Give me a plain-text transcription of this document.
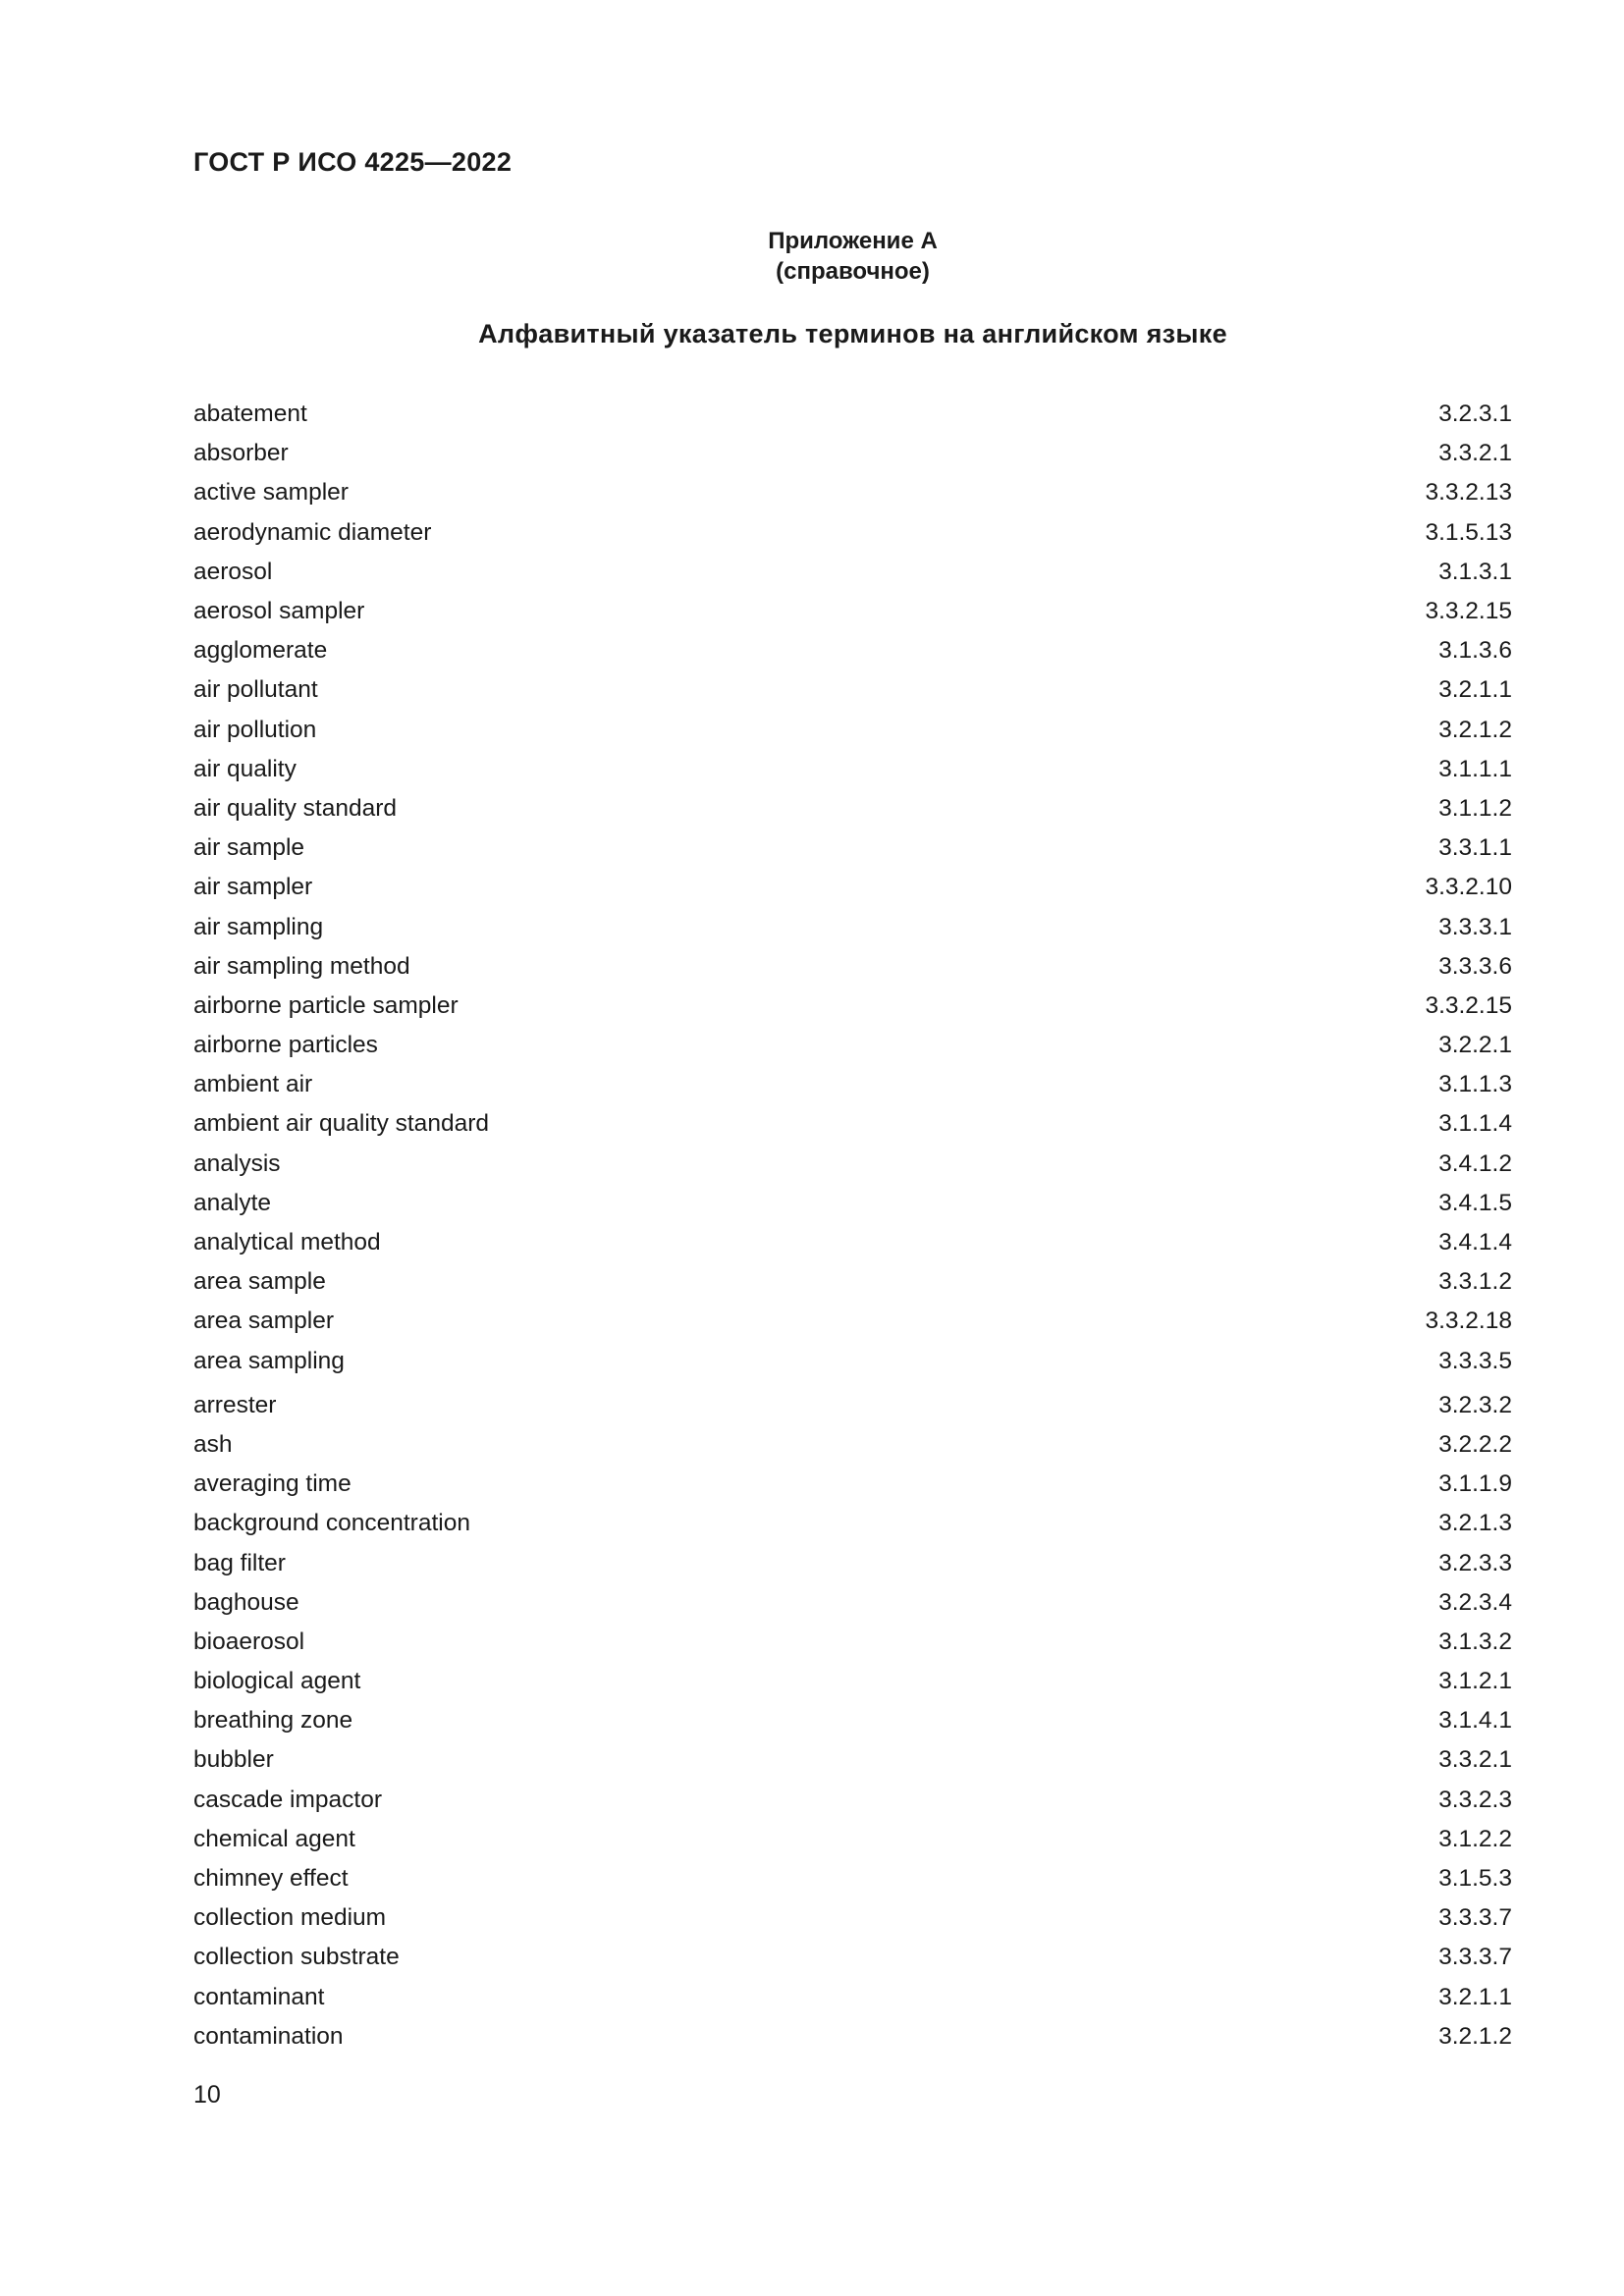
ГОСТ Р ИСО 4225—2022
Приложение А
(справочное)
Алфавитный указатель терминов на английском языке
abatement	3.2.3.1
absorber	3.3.2.1
active sampler	3.3.2.13
aerodynamic diameter	3.1.5.13
aerosol	3.1.3.1
aerosol sampler	3.3.2.15
agglomerate	3.1.3.6
air pollutant	3.2.1.1
air pollution	3.2.1.2
air quality	3.1.1.1
air quality standard	3.1.1.2
air sample	3.3.1.1
air sampler	3.3.2.10
air sampling	3.3.3.1
air sampling method	3.3.3.6
airborne particle sampler	3.3.2.15
airborne particles	3.2.2.1
ambient air	3.1.1.3
ambient air quality standard	3.1.1.4
analysis	3.4.1.2
analyte	3.4.1.5
analytical method	3.4.1.4
area sample	3.3.1.2
area sampler	3.3.2.18
area sampling	3.3.3.5
arrester	3.2.3.2
ash	3.2.2.2
averaging time	3.1.1.9
background concentration	3.2.1.3
bag filter	3.2.3.3
baghouse	3.2.3.4
bioaerosol	3.1.3.2
biological agent	3.1.2.1
breathing zone	3.1.4.1
bubbler	3.3.2.1
cascade impactor	3.3.2.3
chemical agent	3.1.2.2
chimney effect	3.1.5.3
collection medium	3.3.3.7
collection substrate	3.3.3.7
contaminant	3.2.1.1
contamination	3.2.1.2
10
